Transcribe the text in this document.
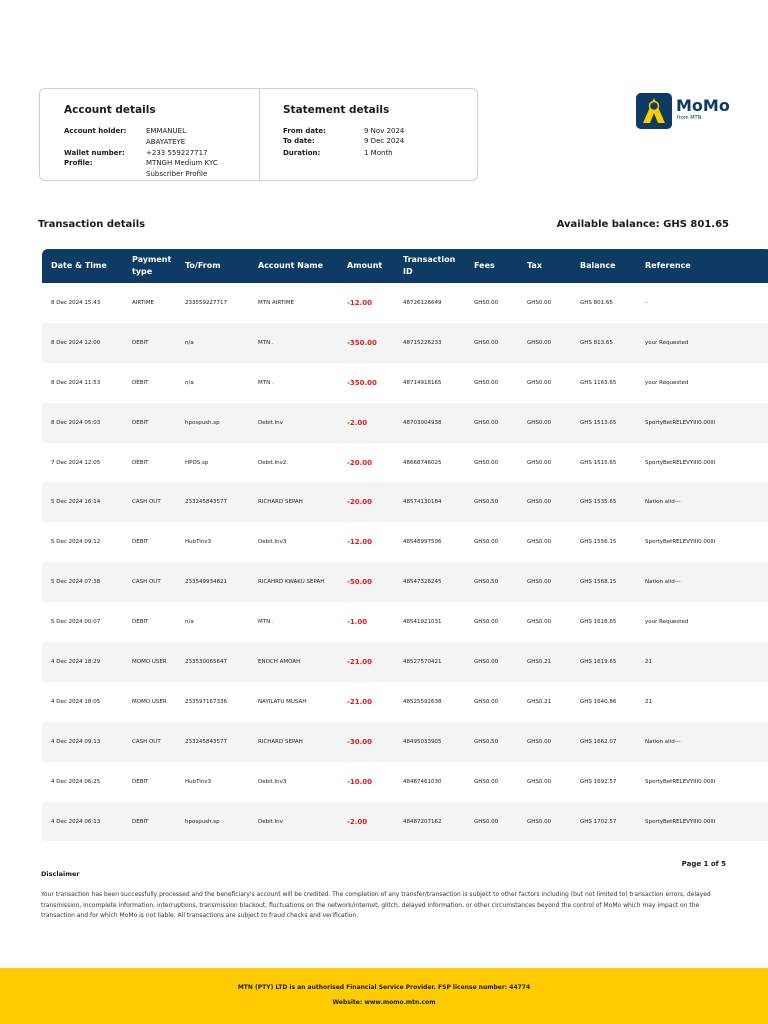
Account details
Account holder:	EMMANUEL ABAYATEYE
Wallet number:	+233 559227717
Profile:	MTNGH Medium KYC Subscriber Profile
Statement details
From date:	9 Nov 2024
To date:	9 Dec 2024
Duration:	1 Month
MoMo
from MTN
Transaction details	Available balance: GHS 801.65
Date & Time	Payment type	To/From	Account Name	Amount	Transaction ID	Fees	Tax	Balance	Reference
8 Dec 2024 15:43	AIRTIME	233559227717	MTN AIRTIME	-12.00	48726126649	GHS0.00	GHS0.00	GHS 801.65	-
8 Dec 2024 12:00	DEBIT	n/a	MTN .	-350.00	48715226233	GHS0.00	GHS0.00	GHS 813.65	your Requested
8 Dec 2024 11:53	DEBIT	n/a	MTN .	-350.00	48714918165	GHS0.00	GHS0.00	GHS 1163.65	your Requested
8 Dec 2024 05:03	DEBIT	hpospush.sp	Debit.Inv	-2.00	48703004938	GHS0.00	GHS0.00	GHS 1513.65	SportyBetRELEVYIII0.00III
7 Dec 2024 12:05	DEBIT	HPOS.sp	Debit.Inv2.	-20.00	48668746025	GHS0.00	GHS0.00	GHS 1515.65	SportyBetRELEVYIII0.00III
5 Dec 2024 16:14	CASH OUT	233245843577	RICHARD SEPAH	-20.00	48574130184	GHS0.50	GHS0.00	GHS 1535.65	Nation alid---
5 Dec 2024 09:12	DEBIT	HubTinv3	Debit.Inv3	-12.00	48548997506	GHS0.00	GHS0.00	GHS 1556.15	SportyBetRELEVYIII0.00III
5 Dec 2024 07:38	CASH OUT	233549934821	RICAHRD KWAKU SEPAH	-50.00	48547328245	GHS0.50	GHS0.00	GHS 1568.15	Nation alid---
5 Dec 2024 00:07	DEBIT	n/a	MTN .	-1.00	48541921031	GHS0.00	GHS0.00	GHS 1618.65	your Requested
4 Dec 2024 18:29	MOMO USER	233530065647	ENOCH AMOAH	-21.00	48527570421	GHS0.00	GHS0.21	GHS 1619.65	21
4 Dec 2024 18:05	MOMO USER	233597167336	NAYILATU MUSAH	-21.00	48525592638	GHS0.00	GHS0.21	GHS 1640.86	21
4 Dec 2024 09:13	CASH OUT	233245843577	RICHARD SEPAH	-30.00	48495033905	GHS0.50	GHS0.00	GHS 1662.07	Nation alid---
4 Dec 2024 06:25	DEBIT	HubTinv3	Debit.Inv3	-10.00	48487461030	GHS0.00	GHS0.00	GHS 1692.57	SportyBetRELEVYIII0.00III
4 Dec 2024 06:13	DEBIT	hpospush.sp	Debit.Inv	-2.00	48487207162	GHS0.00	GHS0.00	GHS 1702.57	SportyBetRELEVYIII0.00III
Page 1 of 5
Disclaimer
Your transaction has been successfully processed and the beneficiary's account will be credited. The completion of any transfer/transaction is subject to other factors including (but not limited to) transaction errors, delayed transmission, incomplete information, interruptions, transmission blackout, fluctuations on the network/internet, glitch, delayed information, or other circumstances beyond the control of MoMo which may impact on the transaction and for which MoMo is not liable. All transactions are subject to fraud checks and verification.
MTN (PTY) LTD is an authorised Financial Service Provider. FSP license number: 44774
Website: www.momo.mtn.com
